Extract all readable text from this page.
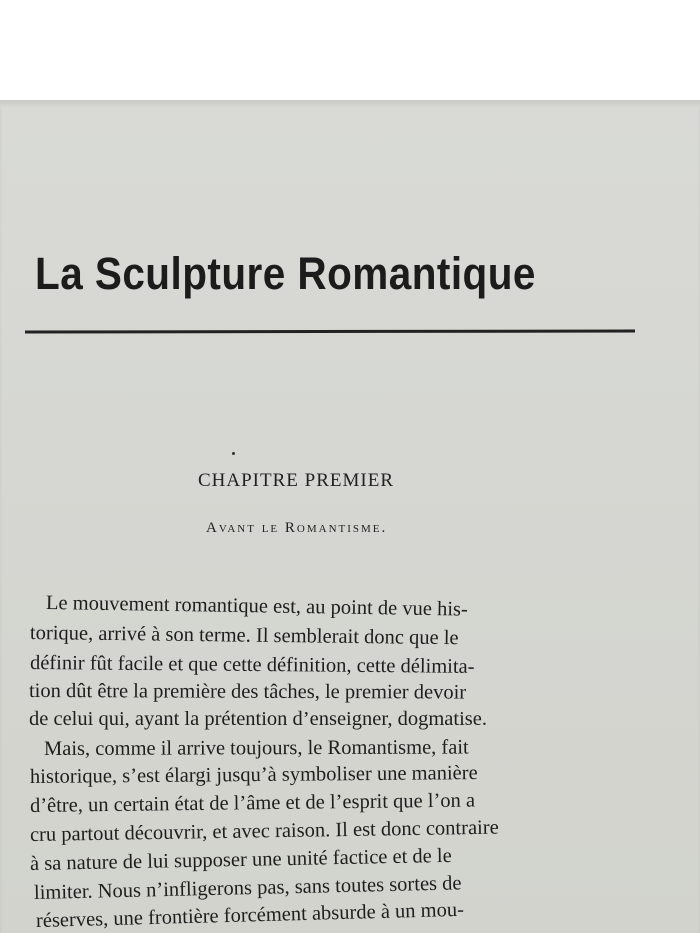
La Sculpture Romantique
CHAPITRE PREMIER
Avant le Romantisme.
Le mouvement romantique est, au point de vue his-
torique, arrivé à son terme. Il semblerait donc que le
définir fût facile et que cette définition, cette délimita-
tion dût être la première des tâches, le premier devoir
de celui qui, ayant la prétention d’enseigner, dogmatise.
Mais, comme il arrive toujours, le Romantisme, fait
historique, s’est élargi jusqu’à symboliser une manière
d’être, un certain état de l’âme et de l’esprit que l’on a
cru partout découvrir, et avec raison. Il est donc contraire
à sa nature de lui supposer une unité factice et de le
limiter. Nous n’infligerons pas, sans toutes sortes de
réserves, une frontière forcément absurde à un mou-
